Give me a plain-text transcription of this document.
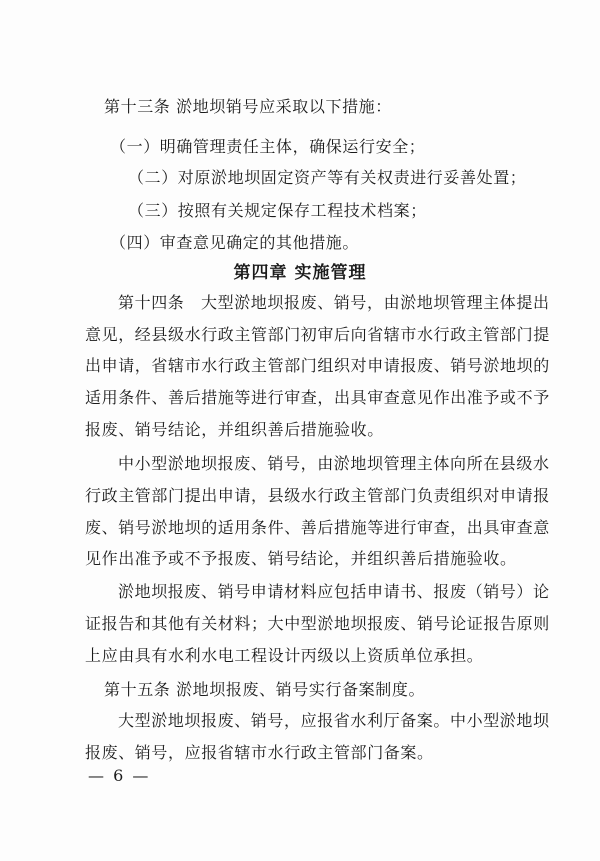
第十三条 淤地坝销号应采取以下措施：
（一）明确管理责任主体，确保运行安全；
（二）对原淤地坝固定资产等有关权责进行妥善处置；
（三）按照有关规定保存工程技术档案；
（四）审查意见确定的其他措施。
第四章 实施管理
第十四条　大型淤地坝报废、销号，由淤地坝管理主体提出
意见，经县级水行政主管部门初审后向省辖市水行政主管部门提
出申请，省辖市水行政主管部门组织对申请报废、销号淤地坝的
适用条件、善后措施等进行审查，出具审查意见作出准予或不予
报废、销号结论，并组织善后措施验收。
中小型淤地坝报废、销号，由淤地坝管理主体向所在县级水
行政主管部门提出申请，县级水行政主管部门负责组织对申请报
废、销号淤地坝的适用条件、善后措施等进行审查，出具审查意
见作出准予或不予报废、销号结论，并组织善后措施验收。
淤地坝报废、销号申请材料应包括申请书、报废（销号）论
证报告和其他有关材料；大中型淤地坝报废、销号论证报告原则
上应由具有水利水电工程设计丙级以上资质单位承担。
第十五条 淤地坝报废、销号实行备案制度。
大型淤地坝报废、销号，应报省水利厅备案。中小型淤地坝
报废、销号，应报省辖市水行政主管部门备案。
— 6 —
